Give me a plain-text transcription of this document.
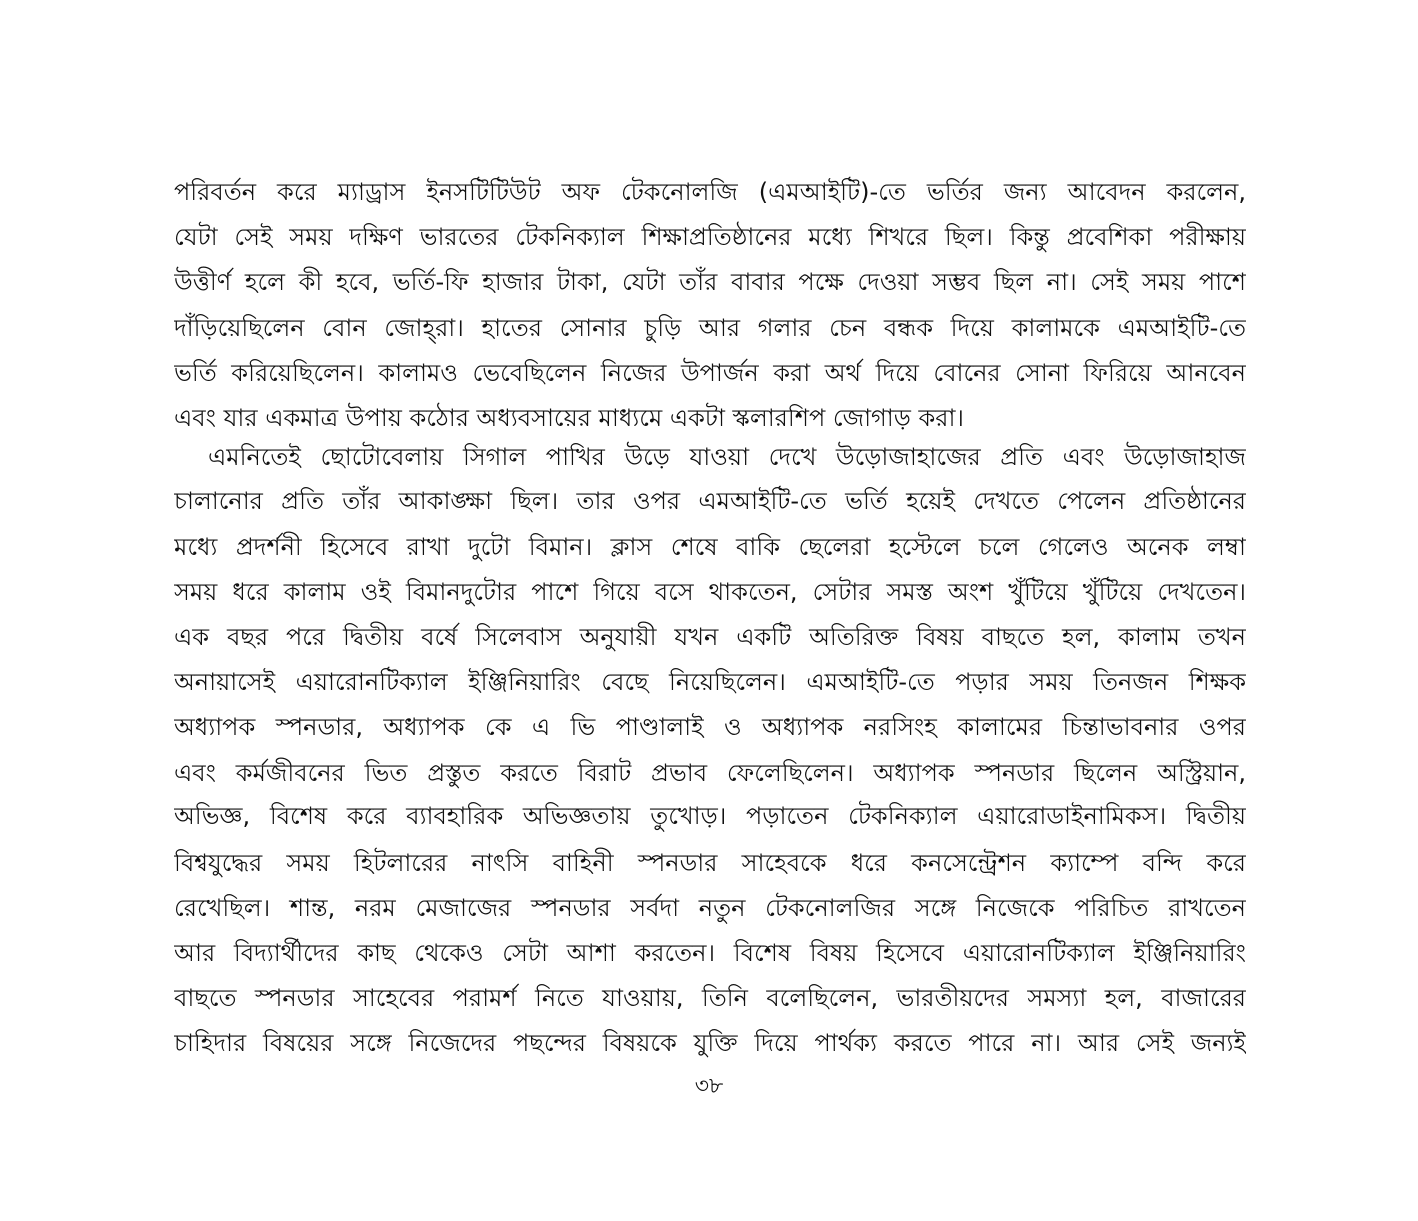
পরিবর্তন করে ম্যাড্রাস ইনসটিটিউট অফ টেকনোলজি (এমআইটি)-তে ভর্তির জন্য আবেদন করলেন,
যেটা সেই সময় দক্ষিণ ভারতের টেকনিক্যাল শিক্ষাপ্রতিষ্ঠানের মধ্যে শিখরে ছিল। কিন্তু প্রবেশিকা পরীক্ষায়
উত্তীর্ণ হলে কী হবে, ভর্তি-ফি হাজার টাকা, যেটা তাঁর বাবার পক্ষে দেওয়া সম্ভব ছিল না। সেই সময় পাশে
দাঁড়িয়েছিলেন বোন জোহ্‌রা। হাতের সোনার চুড়ি আর গলার চেন বন্ধক দিয়ে কালামকে এমআইটি-তে
ভর্তি করিয়েছিলেন। কালামও ভেবেছিলেন নিজের উপার্জন করা অর্থ দিয়ে বোনের সোনা ফিরিয়ে আনবেন
এবং যার একমাত্র উপায় কঠোর অধ্যবসায়ের মাধ্যমে একটা স্কলারশিপ জোগাড় করা।
এমনিতেই ছোটোবেলায় সিগাল পাখির উড়ে যাওয়া দেখে উড়োজাহাজের প্রতি এবং উড়োজাহাজ
চালানোর প্রতি তাঁর আকাঙ্ক্ষা ছিল। তার ওপর এমআইটি-তে ভর্তি হয়েই দেখতে পেলেন প্রতিষ্ঠানের
মধ্যে প্রদর্শনী হিসেবে রাখা দুটো বিমান। ক্লাস শেষে বাকি ছেলেরা হস্টেলে চলে গেলেও অনেক লম্বা
সময় ধরে কালাম ওই বিমানদুটোর পাশে গিয়ে বসে থাকতেন, সেটার সমস্ত অংশ খুঁটিয়ে খুঁটিয়ে দেখতেন।
এক বছর পরে দ্বিতীয় বর্ষে সিলেবাস অনুযায়ী যখন একটি অতিরিক্ত বিষয় বাছতে হল, কালাম তখন
অনায়াসেই এয়ারোনটিক্যাল ইঞ্জিনিয়ারিং বেছে নিয়েছিলেন। এমআইটি-তে পড়ার সময় তিনজন শিক্ষক
অধ্যাপক স্পনডার, অধ্যাপক কে এ ভি পাণ্ডালাই ও অধ্যাপক নরসিংহ কালামের চিন্তাভাবনার ওপর
এবং কর্মজীবনের ভিত প্রস্তুত করতে বিরাট প্রভাব ফেলেছিলেন। অধ্যাপক স্পনডার ছিলেন অস্ট্রিয়ান,
অভিজ্ঞ, বিশেষ করে ব্যাবহারিক অভিজ্ঞতায় তুখোড়। পড়াতেন টেকনিক্যাল এয়ারোডাইনামিকস। দ্বিতীয়
বিশ্বযুদ্ধের সময় হিটলারের নাৎসি বাহিনী স্পনডার সাহেবকে ধরে কনসেন্ট্রেশন ক্যাম্পে বন্দি করে
রেখেছিল। শান্ত, নরম মেজাজের স্পনডার সর্বদা নতুন টেকনোলজির সঙ্গে নিজেকে পরিচিত রাখতেন
আর বিদ্যার্থীদের কাছ থেকেও সেটা আশা করতেন। বিশেষ বিষয় হিসেবে এয়ারোনটিক্যাল ইঞ্জিনিয়ারিং
বাছতে স্পনডার সাহেবের পরামর্শ নিতে যাওয়ায়, তিনি বলেছিলেন, ভারতীয়দের সমস্যা হল, বাজারের
চাহিদার বিষয়ের সঙ্গে নিজেদের পছন্দের বিষয়কে যুক্তি দিয়ে পার্থক্য করতে পারে না। আর সেই জন্যই
৩৮
